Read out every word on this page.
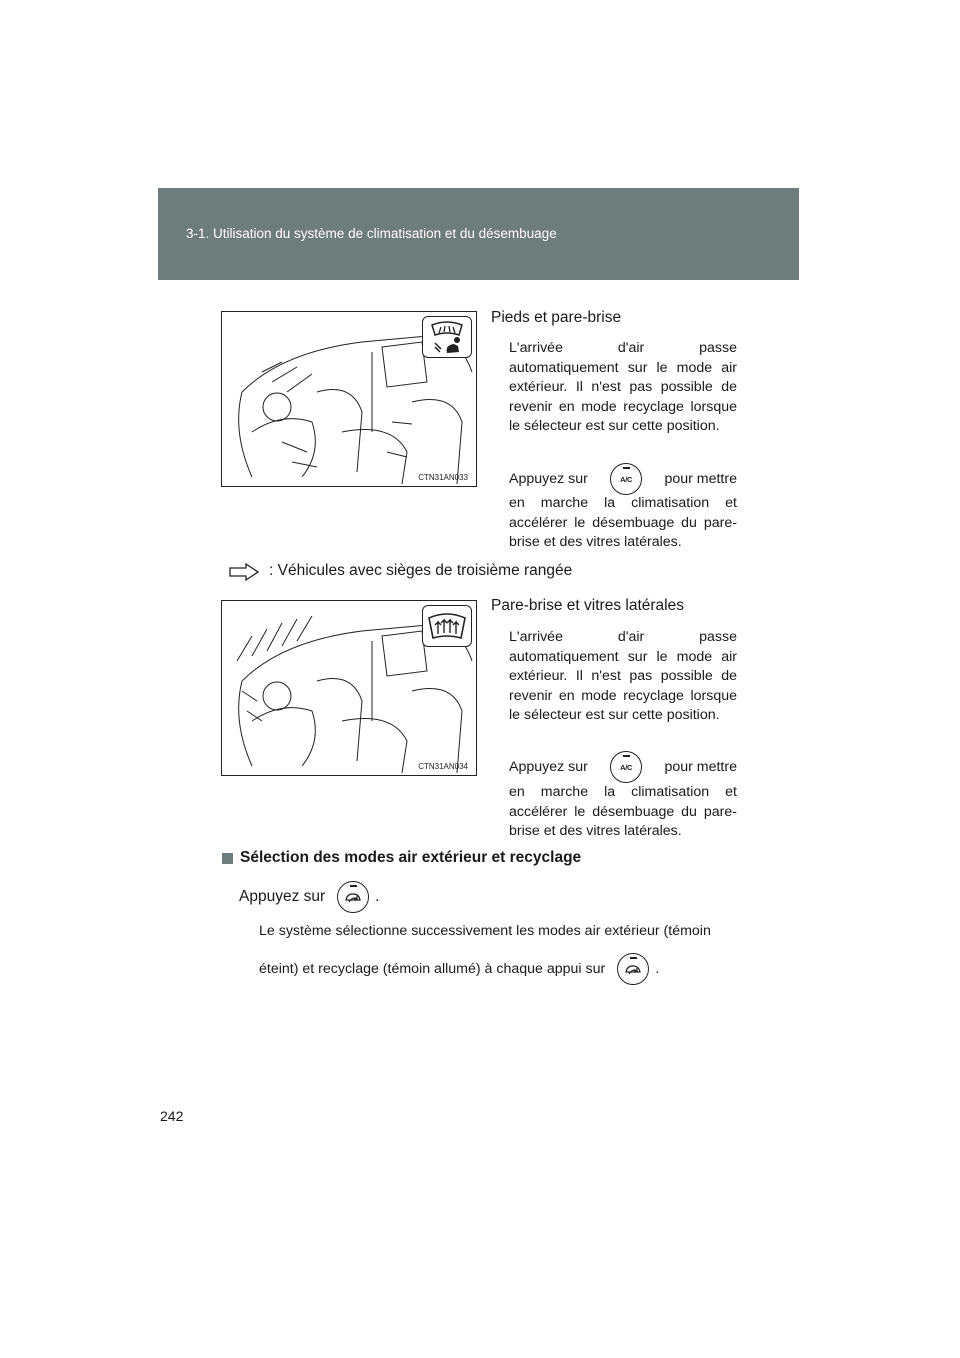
3-1. Utilisation du système de climatisation et du désembuage
CTN31AN033
Pieds et pare-brise
L'arrivée d'air passe automatiquement sur le mode air extérieur. Il n'est pas possible de revenir en mode recyclage lorsque le sélecteur est sur cette position.
Appuyez sur	A/C	pour mettre
en marche la climatisation et accélérer le désembuage du pare-brise et des vitres latérales.
: Véhicules avec sièges de troisième rangée
CTN31AN034
Pare-brise et vitres latérales
L'arrivée d'air passe automatiquement sur le mode air extérieur. Il n'est pas possible de revenir en mode recyclage lorsque le sélecteur est sur cette position.
Appuyez sur	A/C	pour mettre
en marche la climatisation et accélérer le désembuage du pare-brise et des vitres latérales.
Sélection des modes air extérieur et recyclage
Appuyez sur	.
Le système sélectionne successivement les modes air extérieur (témoin
éteint) et recyclage (témoin allumé) à chaque appui sur	.
242
